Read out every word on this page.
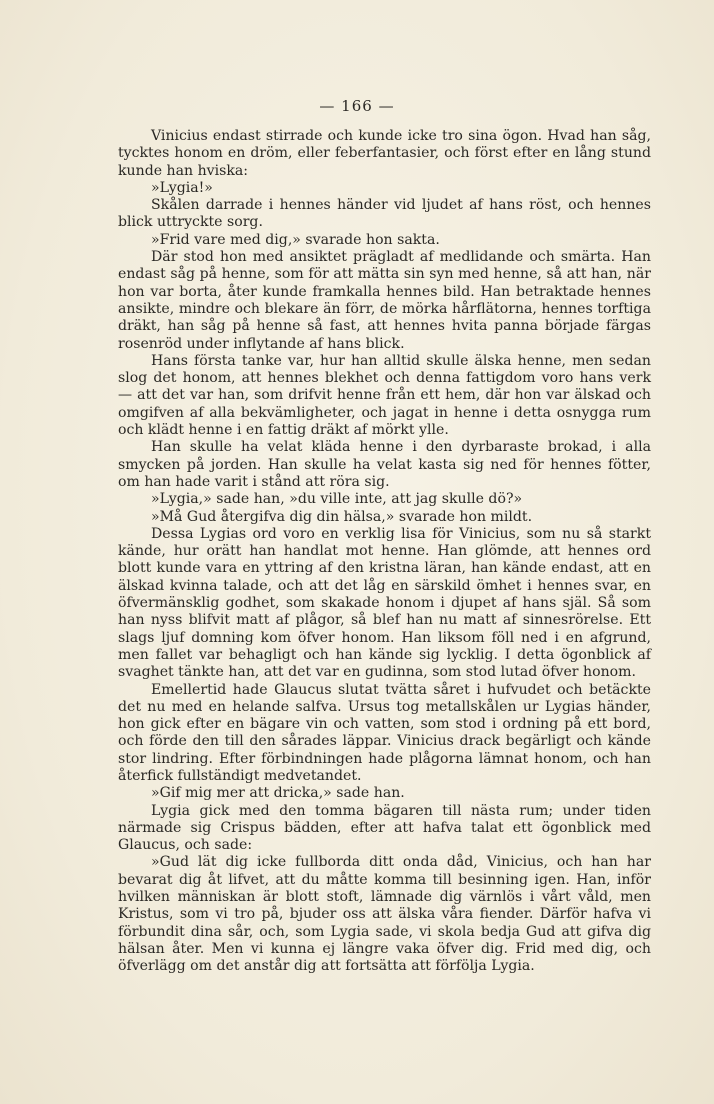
— 166 —

Vinicius endast stirrade och kunde icke tro sina ögon. Hvad han såg, tycktes honom en dröm, eller feberfantasier, och först efter en lång stund kunde han hviska:

»Lygia!»

Skålen darrade i hennes händer vid ljudet af hans röst, och hennes blick uttryckte sorg.

»Frid vare med dig,» svarade hon sakta.

Där stod hon med ansiktet prägladt af medlidande och smärta. Han endast såg på henne, som för att mätta sin syn med henne, så att han, när hon var borta, åter kunde framkalla hennes bild. Han betraktade hennes ansikte, mindre och blekare än förr, de mörka hårflätorna, hennes torftiga dräkt, han såg på henne så fast, att hennes hvita panna började färgas rosenröd under inflytande af hans blick.

Hans första tanke var, hur han alltid skulle älska henne, men sedan slog det honom, att hennes blekhet och denna fattigdom voro hans verk — att det var han, som drifvit henne från ett hem, där hon var älskad och omgifven af alla bekvämligheter, och jagat in henne i detta osnygga rum och klädt henne i en fattig dräkt af mörkt ylle.

Han skulle ha velat kläda henne i den dyrbaraste brokad, i alla smycken på jorden. Han skulle ha velat kasta sig ned för hennes fötter, om han hade varit i stånd att röra sig.

»Lygia,» sade han, »du ville inte, att jag skulle dö?»

»Må Gud återgifva dig din hälsa,» svarade hon mildt.

Dessa Lygias ord voro en verklig lisa för Vinicius, som nu så starkt kände, hur orätt han handlat mot henne. Han glömde, att hennes ord blott kunde vara en yttring af den kristna läran, han kände endast, att en älskad kvinna talade, och att det låg en särskild ömhet i hennes svar, en öfvermänsklig godhet, som skakade honom i djupet af hans själ. Så som han nyss blifvit matt af plågor, så blef han nu matt af sinnesrörelse. Ett slags ljuf domning kom öfver honom. Han liksom föll ned i en afgrund, men fallet var behagligt och han kände sig lycklig. I detta ögonblick af svaghet tänkte han, att det var en gudinna, som stod lutad öfver honom.

Emellertid hade Glaucus slutat tvätta såret i hufvudet och betäckte det nu med en helande salfva. Ursus tog metallskålen ur Lygias händer, hon gick efter en bägare vin och vatten, som stod i ordning på ett bord, och förde den till den sårades läppar. Vinicius drack begärligt och kände stor lindring. Efter förbindningen hade plågorna lämnat honom, och han återfick fullständigt medvetandet.

»Gif mig mer att dricka,» sade han.

Lygia gick med den tomma bägaren till nästa rum; under tiden närmade sig Crispus bädden, efter att hafva talat ett ögonblick med Glaucus, och sade:

»Gud lät dig icke fullborda ditt onda dåd, Vinicius, och han har bevarat dig åt lifvet, att du måtte komma till besinning igen. Han, inför hvilken människan är blott stoft, lämnade dig värnlös i vårt våld, men Kristus, som vi tro på, bjuder oss att älska våra fiender. Därför hafva vi förbundit dina sår, och, som Lygia sade, vi skola bedja Gud att gifva dig hälsan åter. Men vi kunna ej längre vaka öfver dig. Frid med dig, och öfverlägg om det anstår dig att fortsätta att förfölja Lygia.
